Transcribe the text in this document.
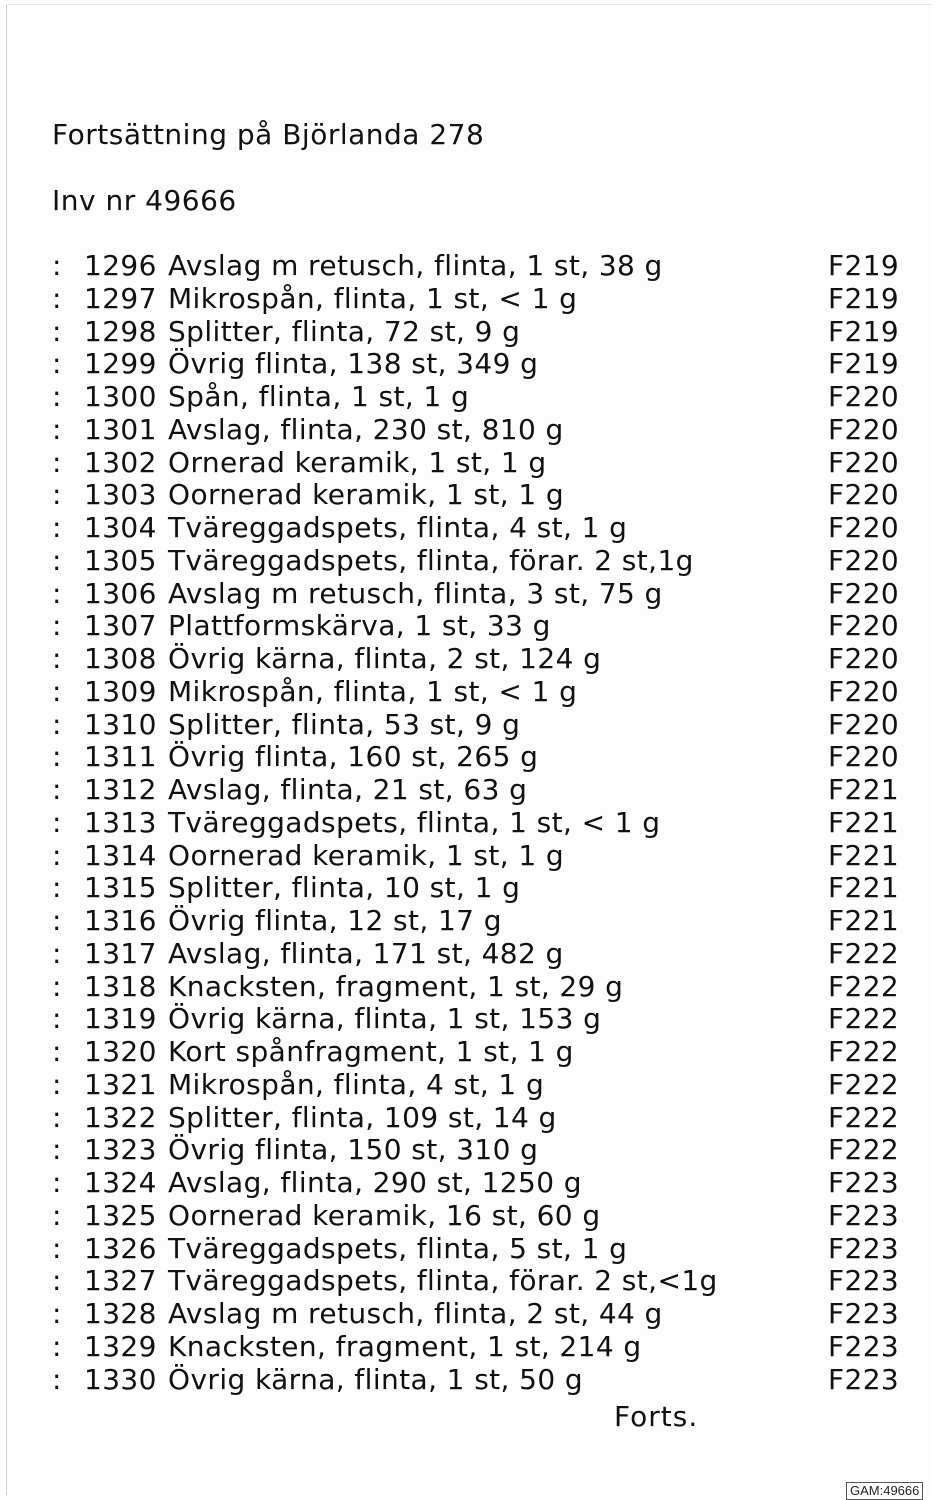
Fortsättning på Björlanda 278
Inv nr 49666
: 1296 Avslag m retusch, flinta, 1 st, 38 g	F219
: 1297 Mikrospån, flinta, 1 st, < 1 g	F219
: 1298 Splitter, flinta, 72 st, 9 g	F219
: 1299 Övrig flinta, 138 st, 349 g	F219
: 1300 Spån, flinta, 1 st, 1 g	F220
: 1301 Avslag, flinta, 230 st, 810 g	F220
: 1302 Ornerad keramik, 1 st, 1 g	F220
: 1303 Oornerad keramik, 1 st, 1 g	F220
: 1304 Tväreggadspets, flinta, 4 st, 1 g	F220
: 1305 Tväreggadspets, flinta, förar. 2 st,1g	F220
: 1306 Avslag m retusch, flinta, 3 st, 75 g	F220
: 1307 Plattformskärva, 1 st, 33 g	F220
: 1308 Övrig kärna, flinta, 2 st, 124 g	F220
: 1309 Mikrospån, flinta, 1 st, < 1 g	F220
: 1310 Splitter, flinta, 53 st, 9 g	F220
: 1311 Övrig flinta, 160 st, 265 g	F220
: 1312 Avslag, flinta, 21 st, 63 g	F221
: 1313 Tväreggadspets, flinta, 1 st, < 1 g	F221
: 1314 Oornerad keramik, 1 st, 1 g	F221
: 1315 Splitter, flinta, 10 st, 1 g	F221
: 1316 Övrig flinta, 12 st, 17 g	F221
: 1317 Avslag, flinta, 171 st, 482 g	F222
: 1318 Knacksten, fragment, 1 st, 29 g	F222
: 1319 Övrig kärna, flinta, 1 st, 153 g	F222
: 1320 Kort spånfragment, 1 st, 1 g	F222
: 1321 Mikrospån, flinta, 4 st, 1 g	F222
: 1322 Splitter, flinta, 109 st, 14 g	F222
: 1323 Övrig flinta, 150 st, 310 g	F222
: 1324 Avslag, flinta, 290 st, 1250 g	F223
: 1325 Oornerad keramik, 16 st, 60 g	F223
: 1326 Tväreggadspets, flinta, 5 st, 1 g	F223
: 1327 Tväreggadspets, flinta, förar. 2 st,<1g	F223
: 1328 Avslag m retusch, flinta, 2 st, 44 g	F223
: 1329 Knacksten, fragment, 1 st, 214 g	F223
: 1330 Övrig kärna, flinta, 1 st, 50 g	F223
Forts.
GAM:49666
